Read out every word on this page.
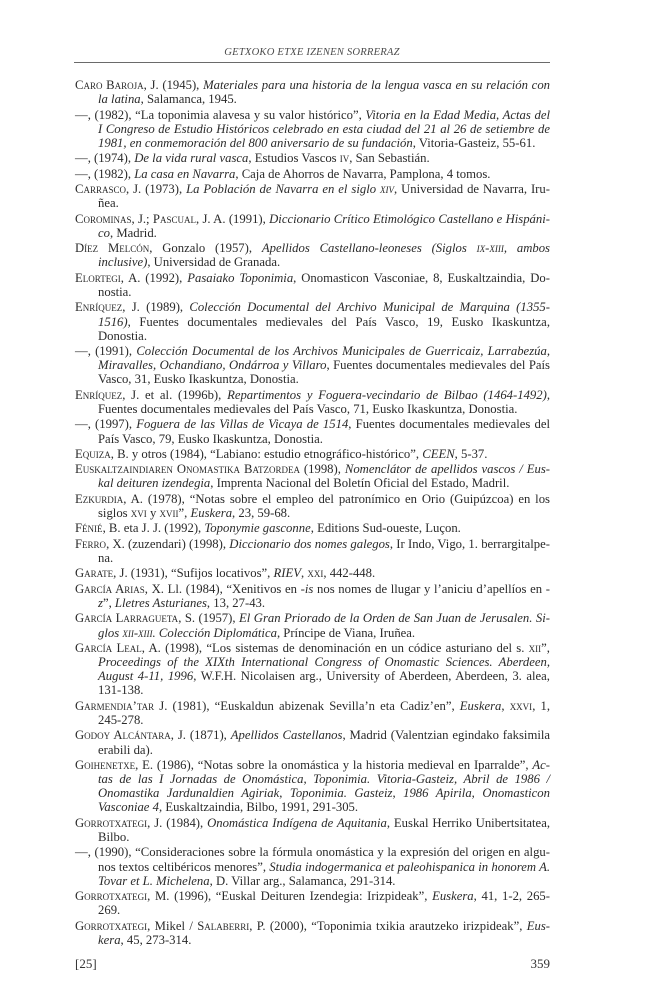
GETXOKO ETXE IZENEN SORRERAZ

Caro Baroja, J. (1945), Materiales para una historia de la lengua vasca en su relación con la latina, Salamanca, 1945.

—, (1982), “La toponimia alavesa y su valor histórico”, Vitoria en la Edad Media, Actas del I Congreso de Estudio Históricos celebrado en esta ciudad del 21 al 26 de setiembre de 1981, en conmemoración del 800 aniversario de su fundación, Vitoria-Gasteiz, 55-61.

—, (1974), De la vida rural vasca, Estudios Vascos iv, San Sebastián.

—, (1982), La casa en Navarra, Caja de Ahorros de Navarra, Pamplona, 4 tomos.

Carrasco, J. (1973), La Población de Navarra en el siglo xiv, Universidad de Navarra, Iruñea.

Corominas, J.; Pascual, J. A. (1991), Diccionario Crítico Etimológico Castellano e Hispánico, Madrid.

Díez Melcón, Gonzalo (1957), Apellidos Castellano-leoneses (Siglos ix-xiii, ambos inclusive), Universidad de Granada.

Elortegi, A. (1992), Pasaiako Toponimia, Onomasticon Vasconiae, 8, Euskaltzaindia, Donostia.

Enríquez, J. (1989), Colección Documental del Archivo Municipal de Marquina (1355-1516), Fuentes documentales medievales del País Vasco, 19, Eusko Ikaskuntza, Donostia.

—, (1991), Colección Documental de los Archivos Municipales de Guerricaiz, Larrabezúa, Miravalles, Ochandiano, Ondárroa y Villaro, Fuentes documentales medievales del País Vasco, 31, Eusko Ikaskuntza, Donostia.

Enríquez, J. et al. (1996b), Repartimentos y Foguera-vecindario de Bilbao (1464-1492), Fuentes documentales medievales del País Vasco, 71, Eusko Ikaskuntza, Donostia.

—, (1997), Foguera de las Villas de Vicaya de 1514, Fuentes documentales medievales del País Vasco, 79, Eusko Ikaskuntza, Donostia.

Equiza, B. y otros (1984), “Labiano: estudio etnográfico-histórico”, CEEN, 5-37.

Euskaltzaindiaren Onomastika Batzordea (1998), Nomenclátor de apellidos vascos / Euskal deituren izendegia, Imprenta Nacional del Boletín Oficial del Estado, Madril.

Ezkurdia, A. (1978), “Notas sobre el empleo del patronímico en Orio (Guipúzcoa) en los siglos xvi y xvii”, Euskera, 23, 59-68.

Fénié, B. eta J. J. (1992), Toponymie gasconne, Editions Sud-oueste, Luçon.

Ferro, X. (zuzendari) (1998), Diccionario dos nomes galegos, Ir Indo, Vigo, 1. berrargitalpena.

Garate, J. (1931), “Sufijos locativos”, RIEV, xxi, 442-448.

García Arias, X. Ll. (1984), “Xenitivos en -is nos nomes de llugar y l’aniciu d’apellíos en -z”, Lletres Asturianes, 13, 27-43.

García Larragueta, S. (1957), El Gran Priorado de la Orden de San Juan de Jerusalen. Siglos xii-xiii. Colección Diplomática, Príncipe de Viana, Iruñea.

García Leal, A. (1998), “Los sistemas de denominación en un códice asturiano del s. xii”, Proceedings of the XIXth International Congress of Onomastic Sciences. Aberdeen, August 4-11, 1996, W.F.H. Nicolaisen arg., University of Aberdeen, Aberdeen, 3. alea, 131-138.

Garmendia’tar J. (1981), “Euskaldun abizenak Sevilla’n eta Cadiz’en”, Euskera, xxvi, 1, 245-278.

Godoy Alcántara, J. (1871), Apellidos Castellanos, Madrid (Valentzian egindako faksimila erabili da).

Goihenetxe, E. (1986), “Notas sobre la onomástica y la historia medieval en Iparralde”, Actas de las I Jornadas de Onomástica, Toponimia. Vitoria-Gasteiz, Abril de 1986 / Onomastika Jardunaldien Agiriak, Toponimia. Gasteiz, 1986 Apirila, Onomasticon Vasconiae 4, Euskaltzaindia, Bilbo, 1991, 291-305.

Gorrotxategi, J. (1984), Onomástica Indígena de Aquitania, Euskal Herriko Unibertsitatea, Bilbo.

—, (1990), “Consideraciones sobre la fórmula onomástica y la expresión del origen en algunos textos celtibéricos menores”, Studia indogermanica et paleohispanica in honorem A. Tovar et L. Michelena, D. Villar arg., Salamanca, 291-314.

Gorrotxategi, M. (1996), “Euskal Deituren Izendegia: Irizpideak”, Euskera, 41, 1-2, 265-269.

Gorrotxategi, Mikel / Salaberri, P. (2000), “Toponimia txikia arautzeko irizpideak”, Euskera, 45, 273-314.

[25]	359
